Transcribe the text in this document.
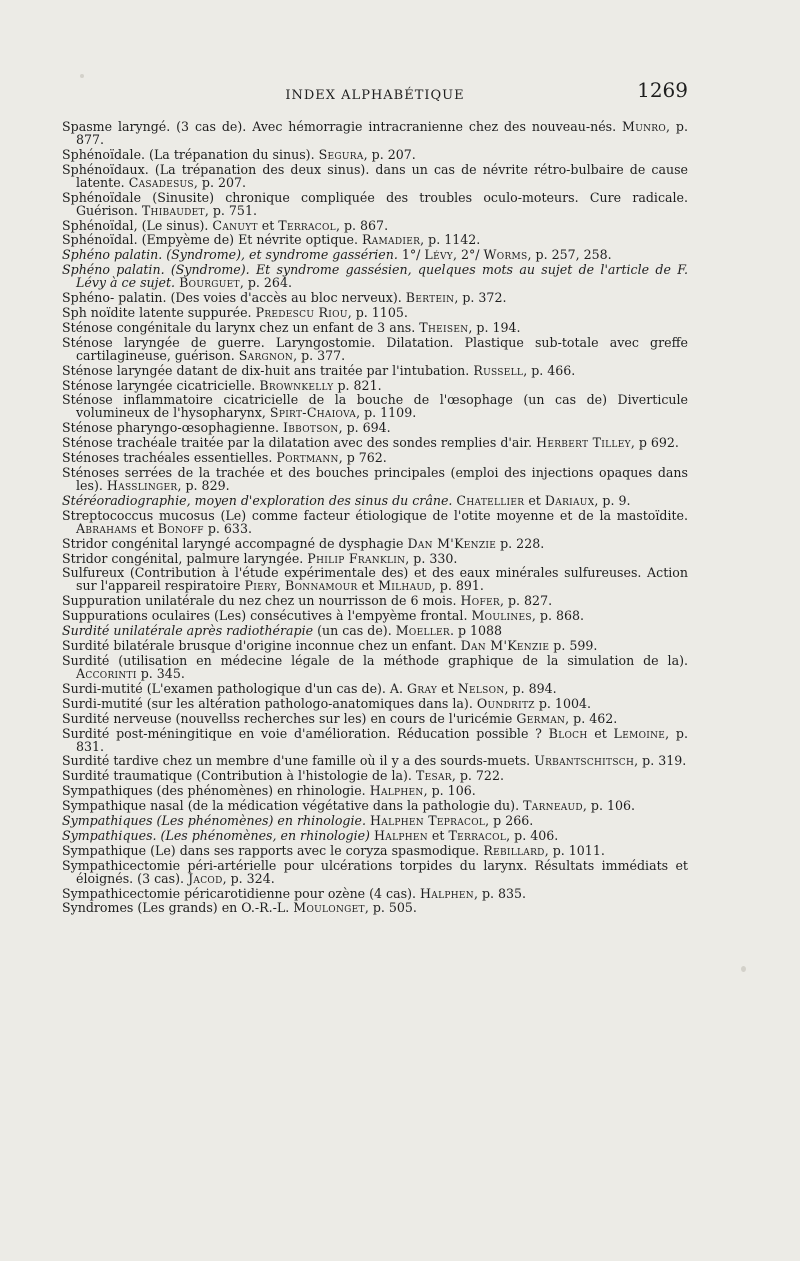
INDEX ALPHABÉTIQUE	1269

Spasme laryngé. (3 cas de). Avec hémorragie intracranienne chez des nouveau-nés. Munro, p. 877.

Sphénoïdale. (La trépanation du sinus). Segura, p. 207.

Sphénoïdaux. (La trépanation des deux sinus). dans un cas de névrite rétro-bulbaire de cause latente. Casadesus, p. 207.

Sphénoïdale (Sinusite) chronique compliquée des troubles oculo-moteurs. Cure radicale. Guérison. Thibaudet, p. 751.

Sphénoïdal, (Le sinus). Canuyt et Terracol, p. 867.

Sphénoïdal. (Empyème de) Et névrite optique. Ramadier, p. 1142.

Sphéno palatin. (Syndrome), et syndrome gassérien. 1°/ Lévy, 2°/ Worms, p. 257, 258.

Sphéno palatin. (Syndrome). Et syndrome gassésien, quelques mots au sujet de l'article de F. Lévy à ce sujet. Bourguet, p. 264.

Sphéno- palatin. (Des voies d'accès au bloc nerveux). Bertein, p. 372.

Sph noïdite latente suppurée. Predescu Riou, p. 1105.

Sténose congénitale du larynx chez un enfant de 3 ans. Theisen, p. 194.

Sténose laryngée de guerre. Laryngostomie. Dilatation. Plastique sub-totale avec greffe cartilagineuse, guérison. Sargnon, p. 377.

Sténose laryngée datant de dix-huit ans traitée par l'intubation. Russell, p. 466.

Sténose laryngée cicatricielle. Brownkelly p. 821.

Sténose inflammatoire cicatricielle de la bouche de l'œsophage (un cas de) Diverticule volumineux de l'hysopharynx, Spirt-Chaiova, p. 1109.

Sténose pharyngo-œsophagienne. Ibbotson, p. 694.

Sténose trachéale traitée par la dilatation avec des sondes remplies d'air. Herbert Tilley, p 692.

Sténoses trachéales essentielles. Portmann, p 762.

Sténoses serrées de la trachée et des bouches principales (emploi des injections opaques dans les). Hasslinger, p. 829.

Stéréoradiographie, moyen d'exploration des sinus du crâne. Chatellier et Dariaux, p. 9.

Streptococcus mucosus (Le) comme facteur étiologique de l'otite moyenne et de la mastoïdite. Abrahams et Bonoff p. 633.

Stridor congénital laryngé accompagné de dysphagie Dan M'Kenzie p. 228.

Stridor congénital, palmure laryngée. Philip Franklin, p. 330.

Sulfureux (Contribution à l'étude expérimentale des) et des eaux minérales sulfureuses. Action sur l'appareil respiratoire Piery, Bonnamour et Milhaud, p. 891.

Suppuration unilatérale du nez chez un nourrisson de 6 mois. Hofer, p. 827.

Suppurations oculaires (Les) consécutives à l'empyème frontal. Moulines, p. 868.

Surdité unilatérale après radiothérapie (un cas de). Moeller. p 1088

Surdité bilatérale brusque d'origine inconnue chez un enfant. Dan M'Kenzie p. 599.

Surdité (utilisation en médecine légale de la méthode graphique de la simulation de la). Accorinti p. 345.

Surdi-mutité (L'examen pathologique d'un cas de). A. Gray et Nelson, p. 894.

Surdi-mutité (sur les altération pathologo-anatomiques dans la). Oundritz p. 1004.

Surdité nerveuse (nouvellss recherches sur les) en cours de l'uricémie German, p. 462.

Surdité post-méningitique en voie d'amélioration. Réducation possible ? Bloch et Lemoine, p. 831.

Surdité tardive chez un membre d'une famille où il y a des sourds-muets. Urbantschitsch, p. 319.

Surdité traumatique (Contribution à l'histologie de la). Tesar, p. 722.

Sympathiques (des phénomènes) en rhinologie. Halphen, p. 106.

Sympathique nasal (de la médication végétative dans la pathologie du). Tarneaud, p. 106.

Sympathiques (Les phénomènes) en rhinologie. Halphen Tepracol, p 266.

Sympathiques. (Les phénomènes, en rhinologie) Halphen et Terracol, p. 406.

Sympathique (Le) dans ses rapports avec le coryza spasmodique. Rebillard, p. 1011.

Sympathicectomie péri-artérielle pour ulcérations torpides du larynx. Résultats immédiats et éloignés. (3 cas). Jacod, p. 324.

Sympathicectomie péricarotidienne pour ozène (4 cas). Halphen, p. 835.

Syndromes (Les grands) en O.-R.-L. Moulonget, p. 505.
